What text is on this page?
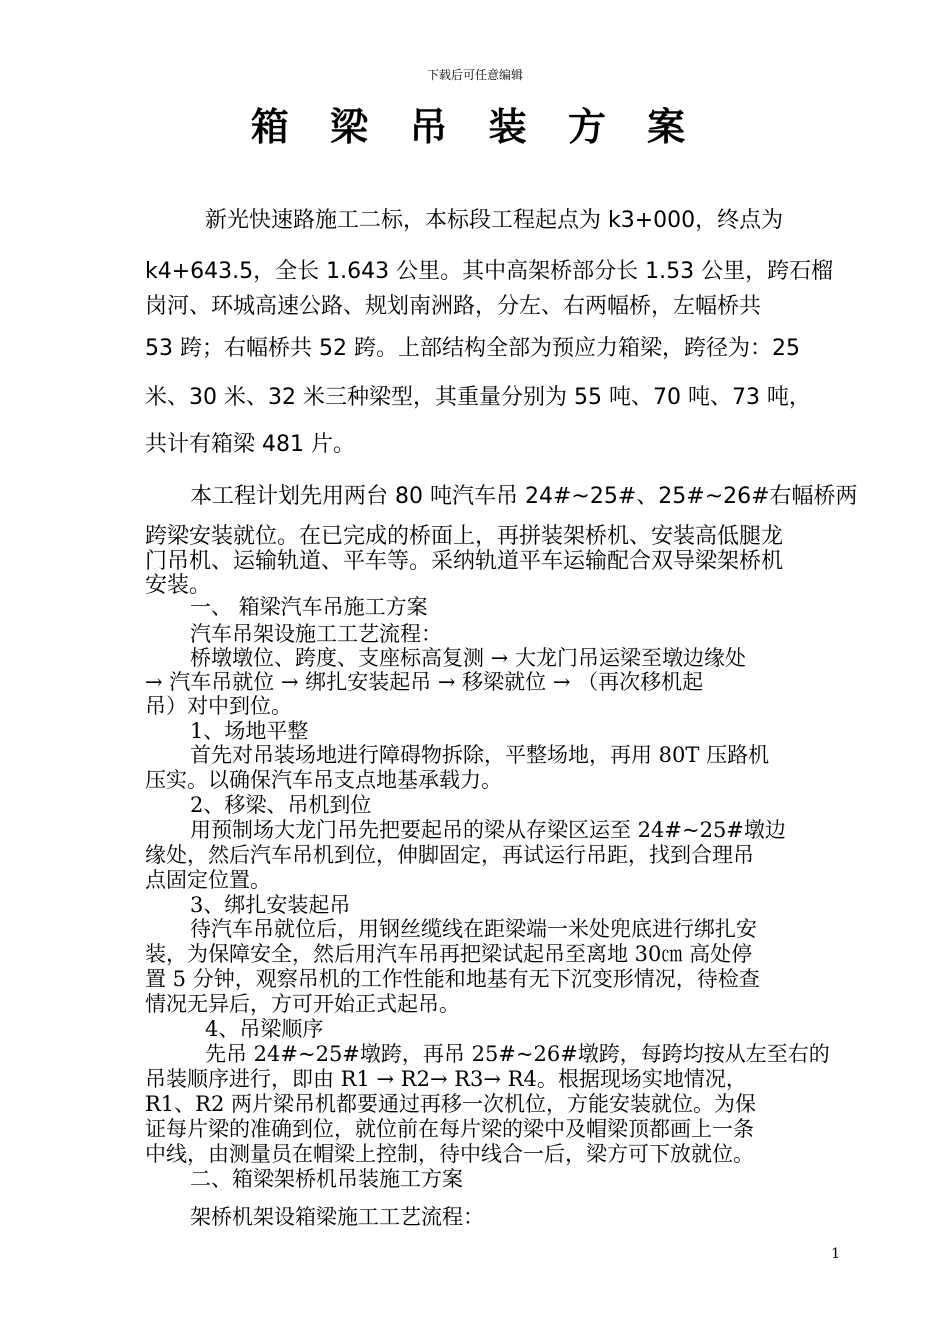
下载后可任意编辑

箱 梁 吊 装 方 案

新光快速路施工二标，本标段工程起点为 k3+000，终点为

k4+643.5，全长 1.643 公里。其中高架桥部分长 1.53 公里，跨石榴

岗河、环城高速公路、规划南洲路，分左、右两幅桥，左幅桥共

53 跨；右幅桥共 52 跨。上部结构全部为预应力箱梁，跨径为：25

米、30 米、32 米三种梁型，其重量分别为 55 吨、70 吨、73 吨，

共计有箱梁 481 片。

本工程计划先用两台 80 吨汽车吊 24#~25#、25#~26#右幅桥两

跨梁安装就位。在已完成的桥面上，再拼装架桥机、安装高低腿龙

门吊机、运输轨道、平车等。采纳轨道平车运输配合双导梁架桥机

安装。

一、 箱梁汽车吊施工方案

汽车吊架设施工工艺流程：

桥墩墩位、跨度、支座标高复测 → 大龙门吊运梁至墩边缘处

→ 汽车吊就位 → 绑扎安装起吊 → 移梁就位 → （再次移机起

吊）对中到位。

1、场地平整

首先对吊装场地进行障碍物拆除，平整场地，再用 80T 压路机

压实。以确保汽车吊支点地基承载力。

2、移梁、吊机到位

用预制场大龙门吊先把要起吊的梁从存梁区运至 24#~25#墩边

缘处，然后汽车吊机到位，伸脚固定，再试运行吊距，找到合理吊

点固定位置。

3、绑扎安装起吊

待汽车吊就位后，用钢丝缆线在距梁端一米处兜底进行绑扎安

装，为保障安全，然后用汽车吊再把梁试起吊至离地 30㎝ 高处停

置 5 分钟，观察吊机的工作性能和地基有无下沉变形情况，待检查

情况无异后，方可开始正式起吊。

4、吊梁顺序

先吊 24#~25#墩跨，再吊 25#~26#墩跨，每跨均按从左至右的

吊装顺序进行，即由 R1 → R2→ R3→ R4。根据现场实地情况，

R1、R2 两片梁吊机都要通过再移一次机位，方能安装就位。为保

证每片梁的准确到位，就位前在每片梁的梁中及帽梁顶都画上一条

中线，由测量员在帽梁上控制，待中线合一后，梁方可下放就位。

二、箱梁架桥机吊装施工方案

架桥机架设箱梁施工工艺流程：

1
